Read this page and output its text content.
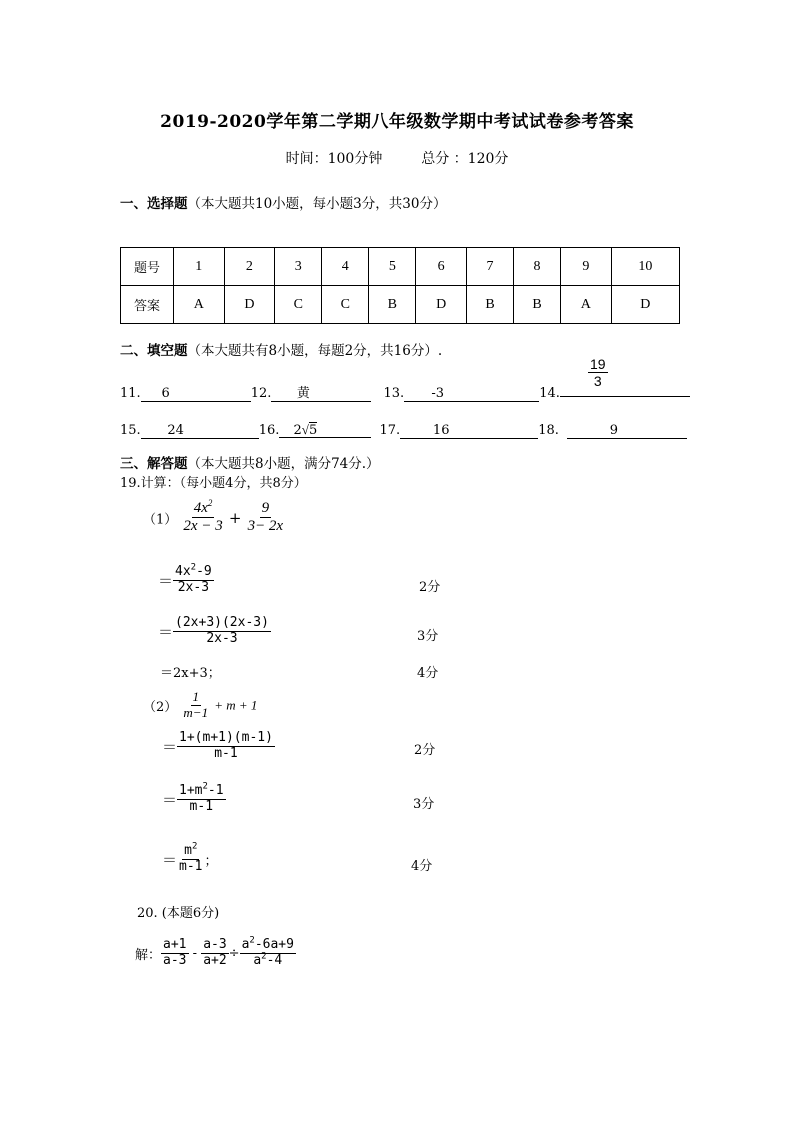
2019-2020学年第二学期八年级数学期中考试试卷参考答案
时间：100分钟	总分 ：120分
一、选择题（本大题共10小题，每小题3分，共30分）
题号	1	2	3	4	5	6	7	8	9	10
答案	A	D	C	C	B	D	B	B	A	D
二、填空题（本大题共有8小题，每题2分，共16分）.
11. 6	12. 黄	13. -3	14.
$\frac{19}{3}$
15. 24	16. 2√5	17.	16	18.	9
三、解答题（本大题共8小题，满分74分.）
19.计算：（每小题4分，共8分）
$(1) \frac{4x^2}{2x - 3} + \frac{9}{3- 2x}$
＝ $\frac{4x^2-9}{2x-3}$	2分
＝ $\frac{(2x+3)(2x-3)}{2x-3}$	3分
＝2x+3；	4分
$(2) \frac{1}{m-1} + m + 1$
＝ $\frac{1+(m+1)(m-1)}{m-1}$	2分
＝ $\frac{1+m^2-1}{m-1}$	3分
＝ $\frac{m^2}{m-1}$ ；	4分
20. (本题6分)
解： $\frac{a+1}{a-3} - \frac{a-3}{a+2} \div \frac{a^2-6a+9}{a^2-4}$
